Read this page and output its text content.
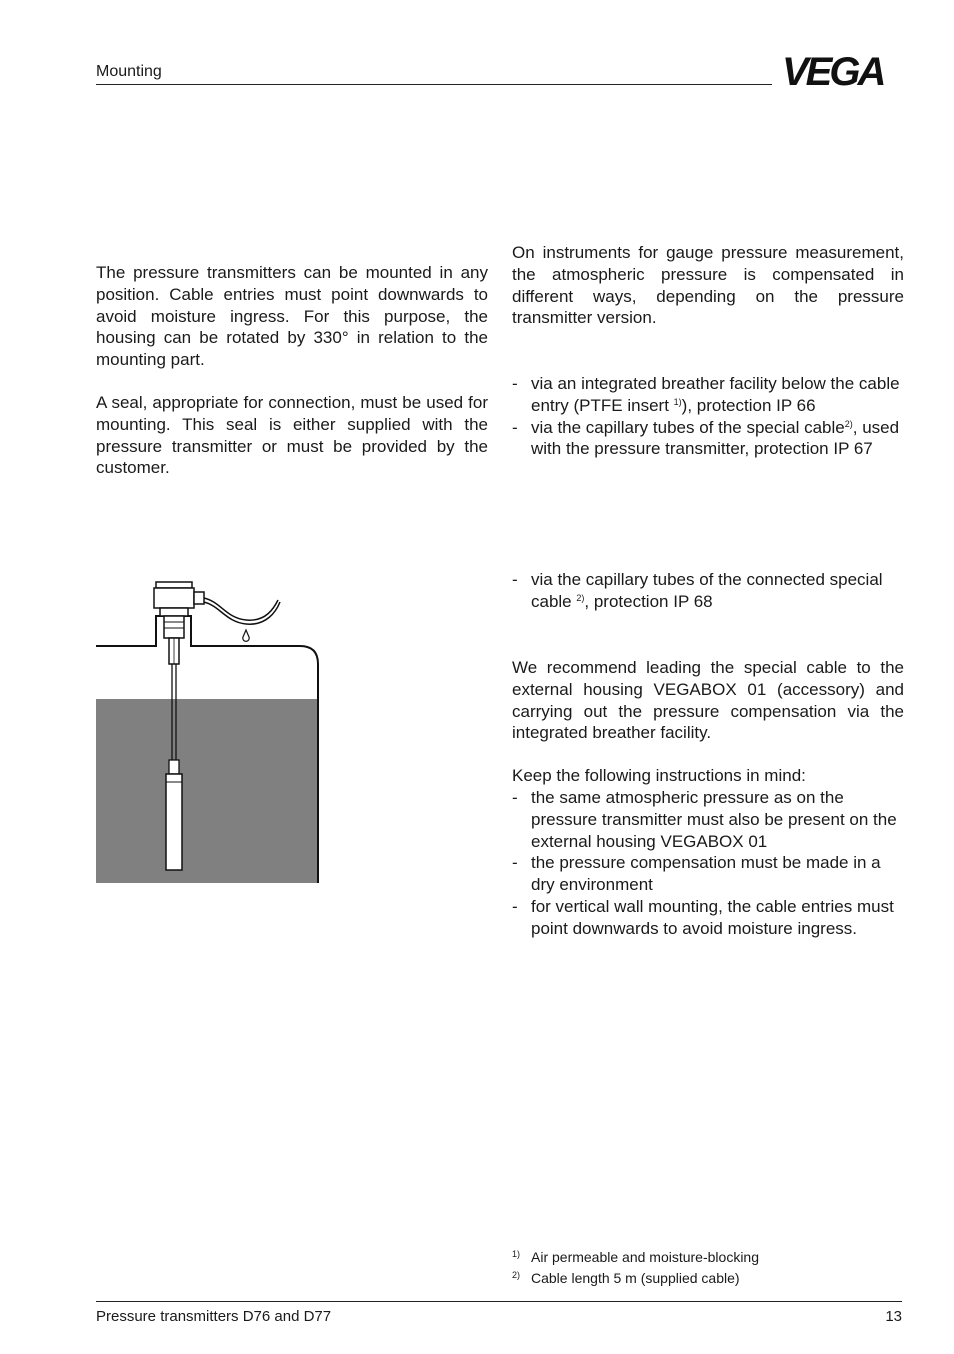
Mounting	VEGA

The pressure transmitters can be mounted in any position. Cable entries must point downwards to avoid moisture ingress. For this purpose, the housing can be rotated by 330° in relation to the mounting part.

A seal, appropriate for connection, must be used for mounting. This seal is either supplied with the pressure transmitter or must be provided by the customer.

On instruments for gauge pressure measurement, the atmospheric pressure is compensated in different ways, depending on the pressure transmitter version.

- via an integrated breather facility below the cable entry (PTFE insert $^{1)}$), protection IP 66
- via the capillary tubes of the special cable$^{2)}$, used with the pressure transmitter, protection IP 67
- via the capillary tubes of the connected special cable $^{2)}$, protection IP 68

We recommend leading the special cable to the external housing VEGABOX 01 (accessory) and carrying out the pressure compensation via the integrated breather facility.

Keep the following instructions in mind:

- the same atmospheric pressure as on the pressure transmitter must also be present on the external housing VEGABOX 01
- the pressure compensation must be made in a dry environment
- for vertical wall mounting, the cable entries must point downwards to avoid moisture ingress.
1) Air permeable and moisture-blocking
2) Cable length 5 m (supplied cable)
Pressure transmitters D76 and D77	13
